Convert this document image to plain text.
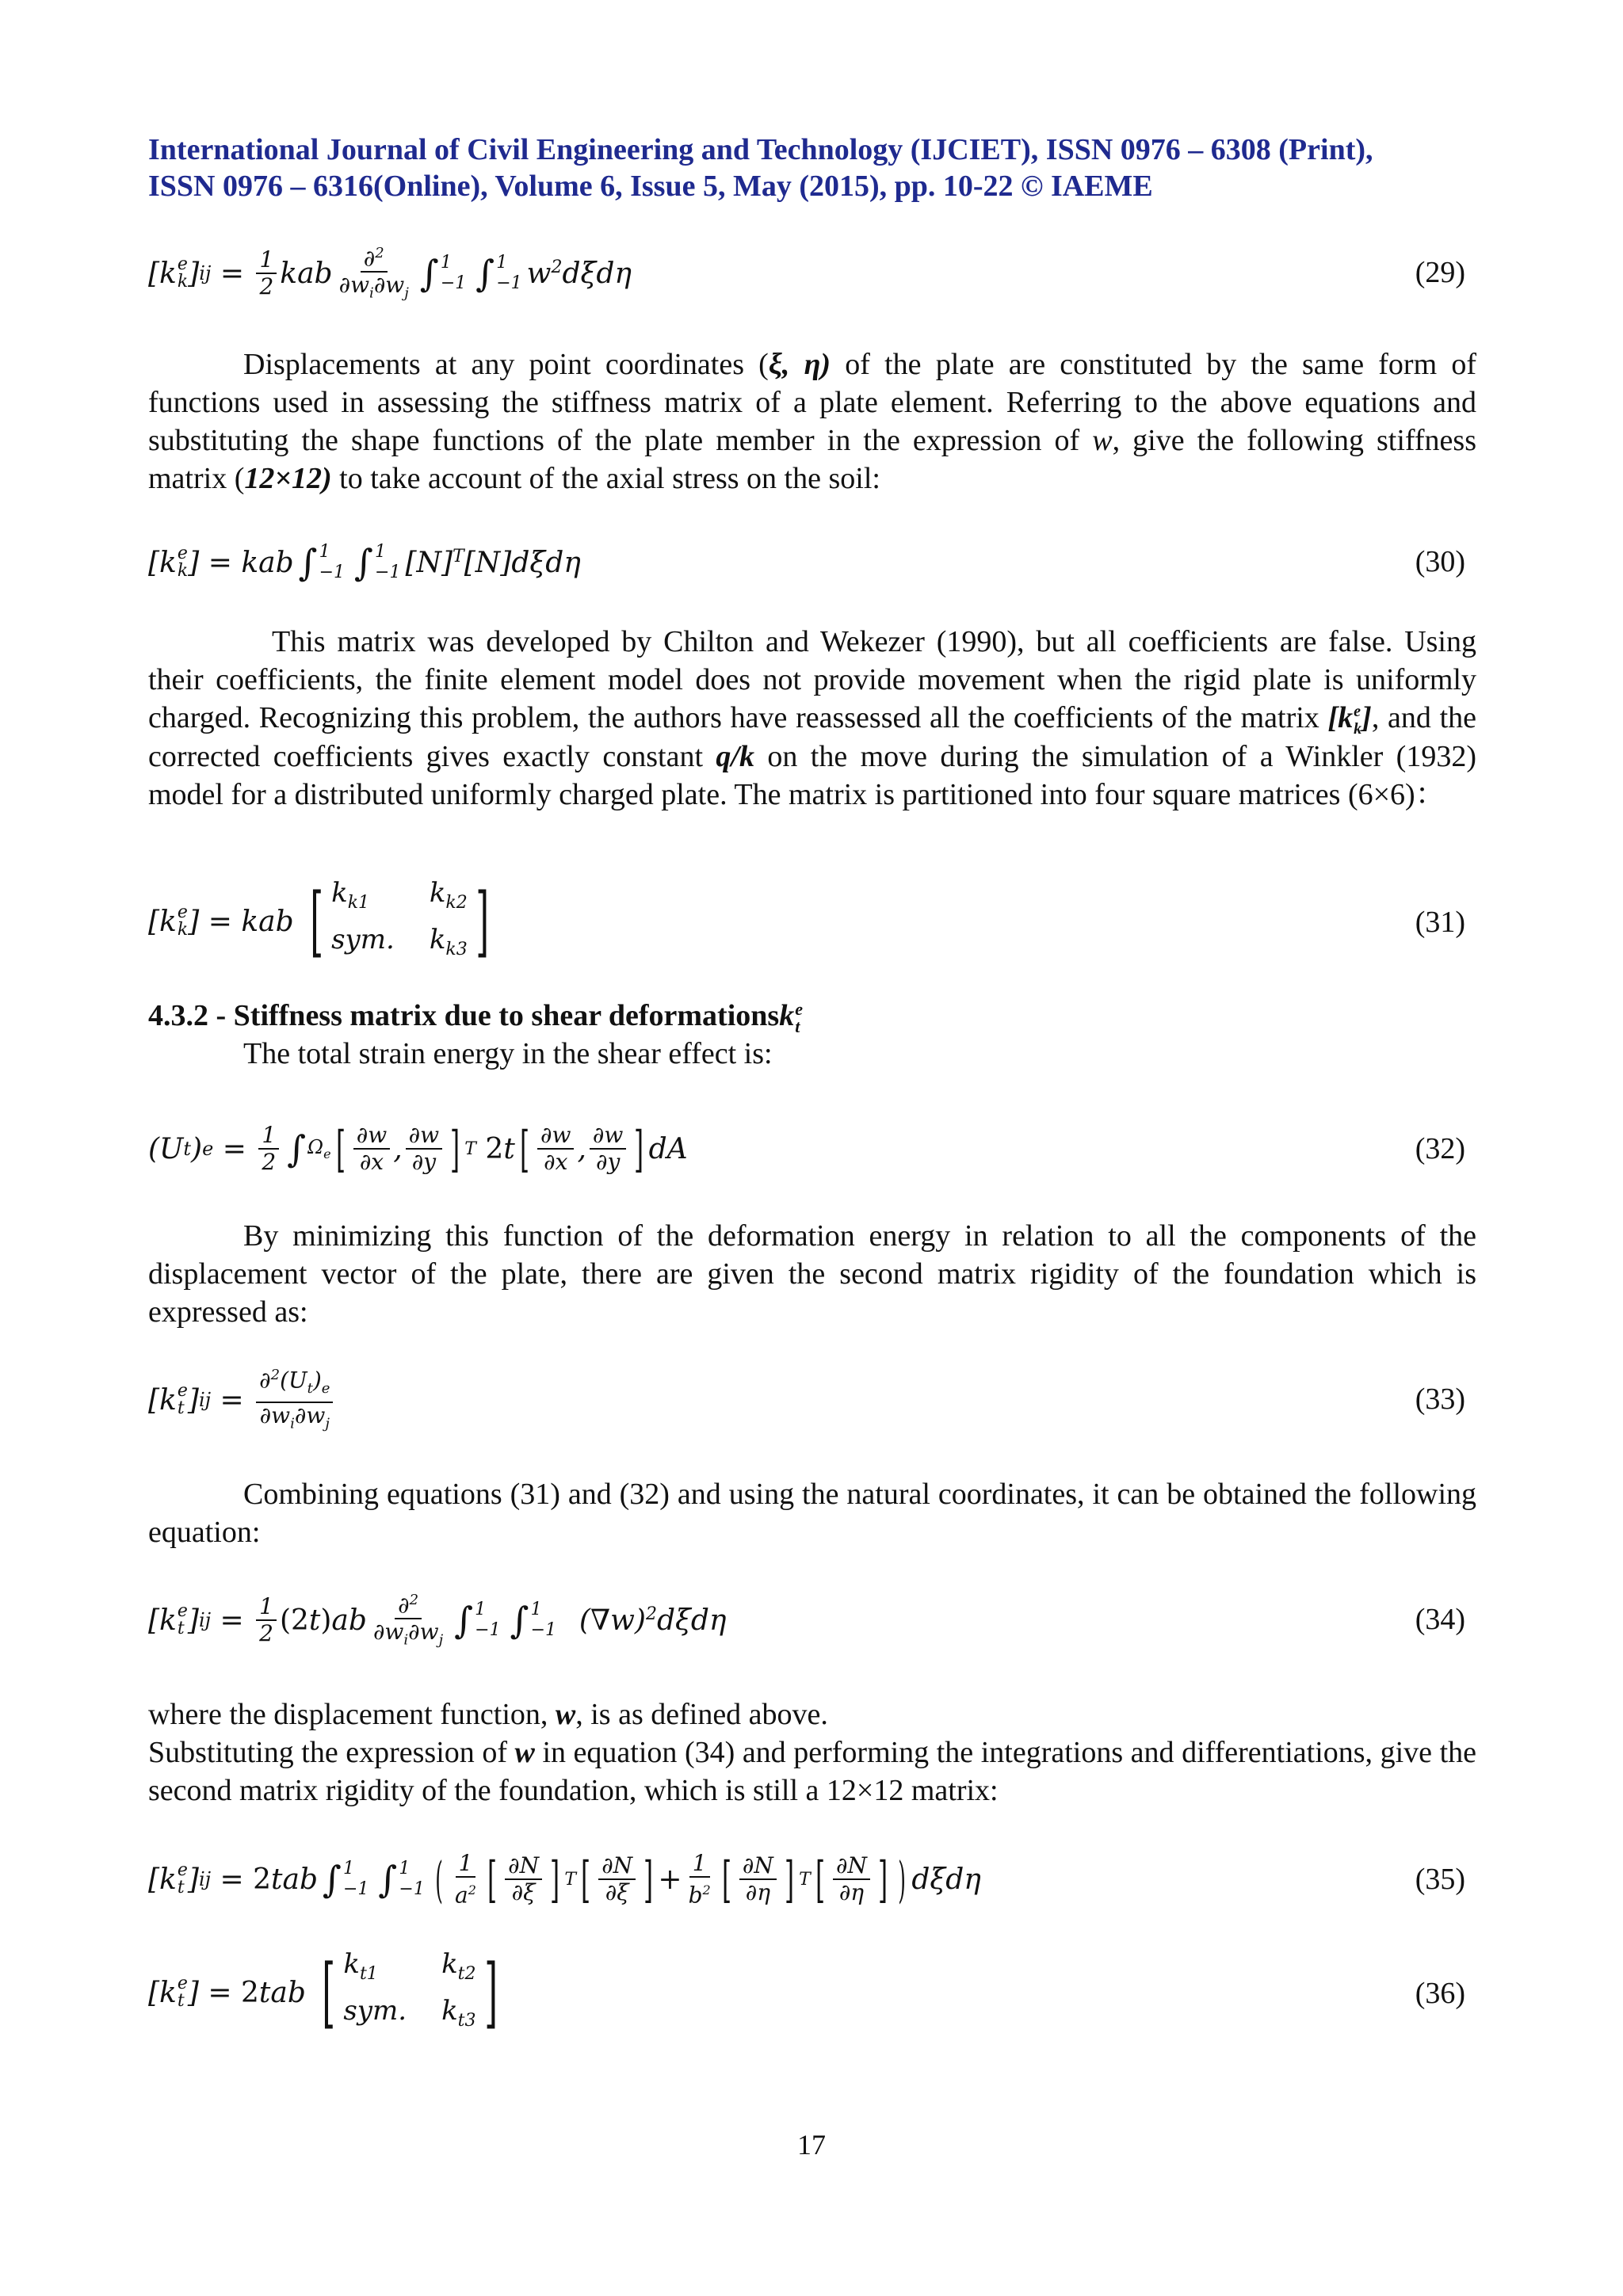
International Journal of Civil Engineering and Technology (IJCIET), ISSN 0976 – 6308 (Print),
ISSN 0976 – 6316(Online), Volume 6, Issue 5, May (2015), pp. 10-22 © IAEME
[k e
k ] ij = $\frac{1}{2}$ kab $\frac{\partial^2}{\partial w_i\partial w_j}$ ∫ 1
−1 ∫ 1
−1 $w^2d\xi d\eta$	(29)
Displacements at any point coordinates (ξ, η) of the plate are constituted by the same form of functions used in assessing the stiffness matrix of a plate element. Referring to the above equations and substituting the shape functions of the plate member in the expression of w, give the following stiffness matrix (12×12) to take account of the axial stress on the soil:
[k e
k ] = kab ∫ 1
−1 ∫ 1
−1 $[N]^T[N]d\xi d\eta$	(30)
This matrix was developed by Chilton and Wekezer (1990), but all coefficients are false. Using their coefficients, the finite element model does not provide movement when the rigid plate is uniformly charged. Recognizing this problem, the authors have reassessed all the coefficients of the matrix [k e
k ], and the corrected coefficients gives exactly constant q/k on the move during the simulation of a Winkler (1932) model for a distributed uniformly charged plate. The matrix is partitioned into four square matrices (6×6)：
[k e
k ] = kab [ $k_{k1}$	$k_{k2}$
sym. $k_{k3}$ ]	(31)
4.3.2 - Stiffness matrix due to shear deformationsk e
t
The total strain energy in the shear effect is:
(U t ) $e = \frac{1}{2}$ ∫ $\Omega_e$ [ $\frac{\partial w}{\partial x}$ , $\frac{\partial w}{\partial y}$ ] T 2 t [ $\frac{\partial w}{\partial x}$ , $\frac{\partial w}{\partial y}$ ] dA	(32)
By minimizing this function of the deformation energy in relation to all the components of the displacement vector of the plate, there are given the second matrix rigidity of the foundation which is expressed as:
[k e
t ] ij = $\frac{\partial^2(U_t)_e}{\partial w_i\partial w_j}$	(33)
Combining equations (31) and (32) and using the natural coordinates, it can be obtained the following equation:
[k e
t ] ij = $\frac{1}{2} (2$ t ) ab $\frac{\partial^2}{\partial w_i\partial w_j}$ ∫ 1
−1 ∫ 1
−1 $(\nabla w)^2d\xi d\eta$	(34)
where the displacement function, w, is as defined above.
Substituting the expression of w in equation (34) and performing the integrations and differentiations, give the second matrix rigidity of the foundation, which is still a 12×12 matrix:
[k e
t ] ij = 2 tab ∫ 1
−1 ∫ 1
−1 ( $\frac{1}{a^2}$ [ $\frac{\partial N}{\partial\xi}$ ] T [ $\frac{\partial N}{\partial\xi}$ ] + $\frac{1}{b^2}$ [ $\frac{\partial N}{\partial\eta}$ ] T [ $\frac{\partial N}{\partial\eta}$ ] ) dξdη	(35)
[k e
t ] = 2 tab [ $k_{t1}$	$k_{t2}$
sym. $k_{t3}$ ]	(36)
17
